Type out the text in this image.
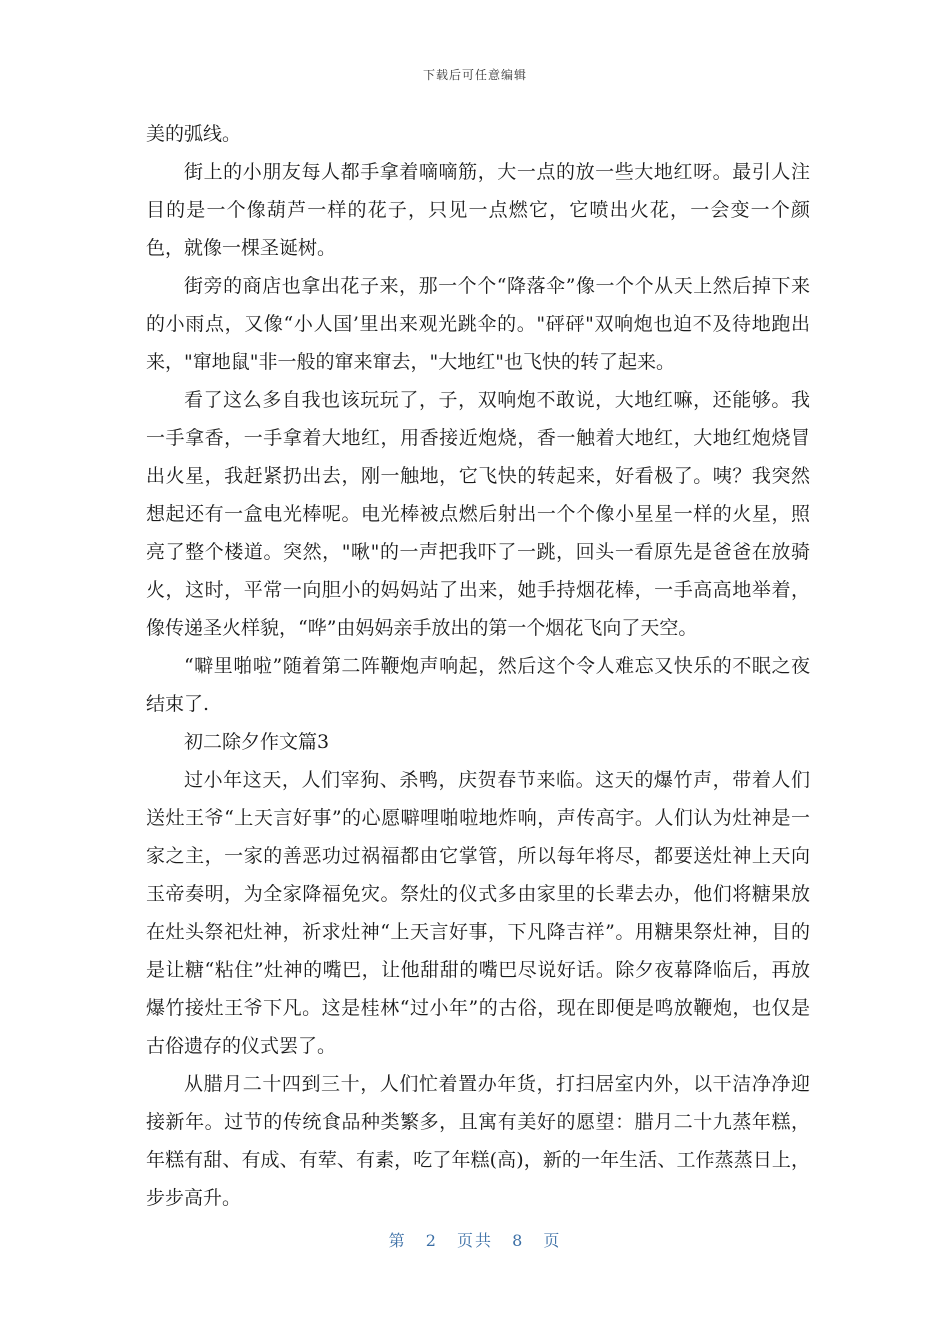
下载后可任意编辑

美的弧线。

街上的小朋友每人都手拿着嘀嘀筋，大一点的放一些大地红呀。最引人注目的是一个像葫芦一样的花子，只见一点燃它，它喷出火花，一会变一个颜色，就像一棵圣诞树。

街旁的商店也拿出花子来，那一个个“降落伞”像一个个从天上然后掉下来的小雨点，又像“小人国’里出来观光跳伞的。"砰砰"双响炮也迫不及待地跑出来，"窜地鼠"非一般的窜来窜去，"大地红"也飞快的转了起来。

看了这么多自我也该玩玩了，子，双响炮不敢说，大地红嘛，还能够。我一手拿香，一手拿着大地红，用香接近炮烧，香一触着大地红，大地红炮烧冒出火星，我赶紧扔出去，刚一触地，它飞快的转起来，好看极了。咦？我突然想起还有一盒电光棒呢。电光棒被点燃后射出一个个像小星星一样的火星，照亮了整个楼道。突然，"啾"的一声把我吓了一跳，回头一看原先是爸爸在放骑火，这时，平常一向胆小的妈妈站了出来，她手持烟花棒，一手高高地举着，像传递圣火样貌，“哗”由妈妈亲手放出的第一个烟花飞向了天空。

“噼里啪啦”随着第二阵鞭炮声响起，然后这个令人难忘又快乐的不眠之夜结束了.

初二除夕作文篇3

过小年这天，人们宰狗、杀鸭，庆贺春节来临。这天的爆竹声，带着人们送灶王爷“上天言好事”的心愿噼哩啪啦地炸响，声传高宇。人们认为灶神是一家之主，一家的善恶功过祸福都由它掌管，所以每年将尽，都要送灶神上天向玉帝奏明，为全家降福免灾。祭灶的仪式多由家里的长辈去办，他们将糖果放在灶头祭祀灶神，祈求灶神“上天言好事，下凡降吉祥”。用糖果祭灶神，目的是让糖“粘住”灶神的嘴巴，让他甜甜的嘴巴尽说好话。除夕夜幕降临后，再放爆竹接灶王爷下凡。这是桂林“过小年”的古俗，现在即便是鸣放鞭炮，也仅是古俗遗存的仪式罢了。

从腊月二十四到三十，人们忙着置办年货，打扫居室内外，以干洁净净迎接新年。过节的传统食品种类繁多，且寓有美好的愿望：腊月二十九蒸年糕，年糕有甜、有成、有荤、有素，吃了年糕(高)，新的一年生活、工作蒸蒸日上，步步高升。

第 2 页共 8 页
